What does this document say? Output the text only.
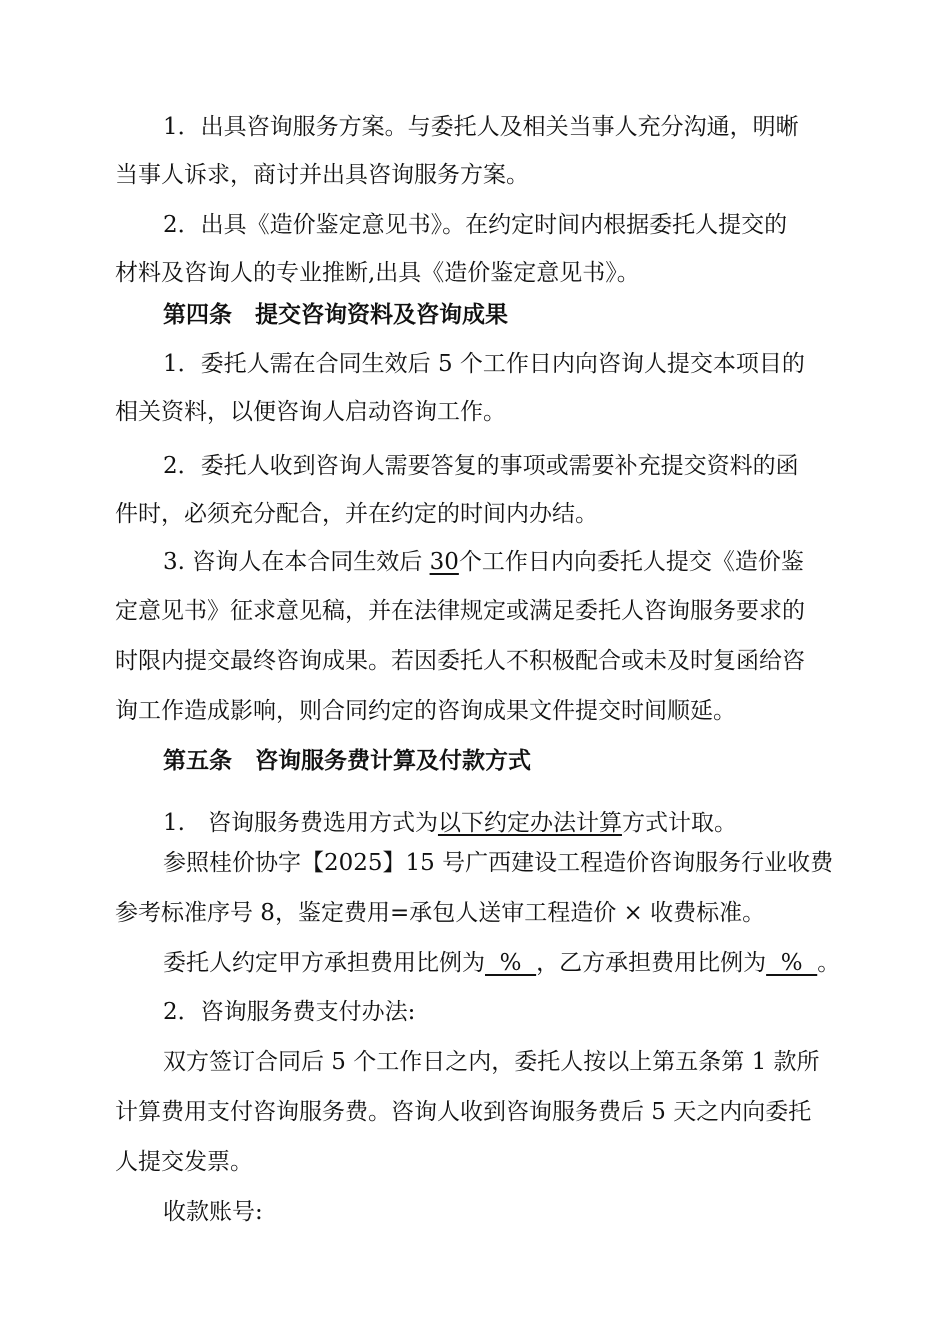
1．出具咨询服务方案。与委托人及相关当事人充分沟通，明晰
当事人诉求，商讨并出具咨询服务方案。
2．出具《造价鉴定意见书》。在约定时间内根据委托人提交的
材料及咨询人的专业推断,出具《造价鉴定意见书》。
第四条　提交咨询资料及咨询成果
1．委托人需在合同生效后 5 个工作日内向咨询人提交本项目的
相关资料，以便咨询人启动咨询工作。
2．委托人收到咨询人需要答复的事项或需要补充提交资料的函
件时，必须充分配合，并在约定的时间内办结。
3. 咨询人在本合同生效后 30个工作日内向委托人提交《造价鉴
定意见书》征求意见稿，并在法律规定或满足委托人咨询服务要求的
时限内提交最终咨询成果。若因委托人不积极配合或未及时复函给咨
询工作造成影响，则合同约定的咨询成果文件提交时间顺延。
第五条　咨询服务费计算及付款方式
1.　咨询服务费选用方式为以下约定办法计算方式计取。
参照桂价协字【2025】15 号广西建设工程造价咨询服务行业收费
参考标准序号 8，鉴定费用=承包人送审工程造价 × 收费标准。
委托人约定甲方承担费用比例为  %  ，乙方承担费用比例为  %  。
2．咨询服务费支付办法:
双方签订合同后 5 个工作日之内，委托人按以上第五条第 1 款所
计算费用支付咨询服务费。咨询人收到咨询服务费后 5 天之内向委托
人提交发票。
收款账号:
